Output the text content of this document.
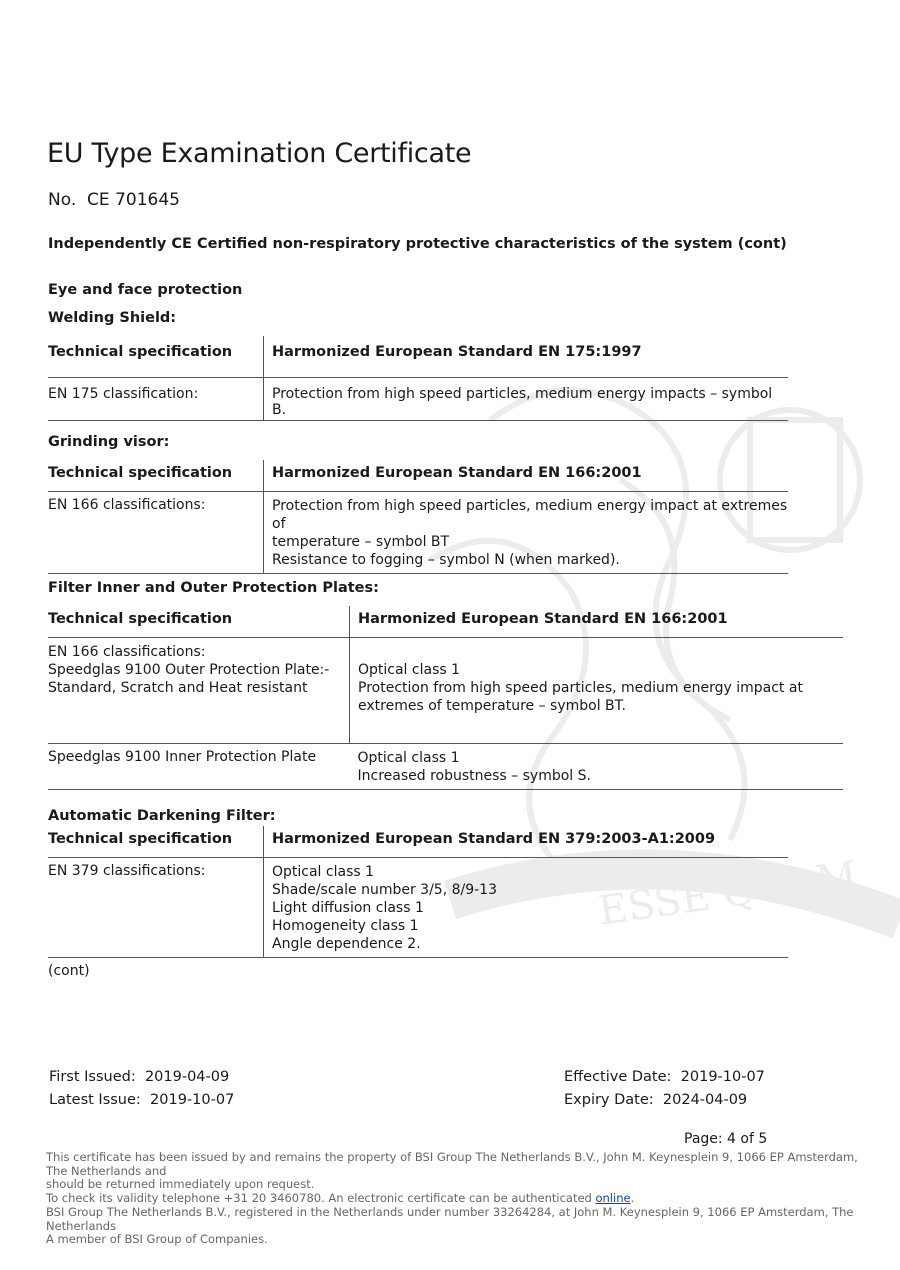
ESSE QUAM
EU Type Examination Certificate
No. CE 701645
Independently CE Certified non-respiratory protective characteristics of the system (cont)
Eye and face protection
Welding Shield:
Technical specification	Harmonized European Standard EN 175:1997
EN 175 classification:	Protection from high speed particles, medium energy impacts – symbol B.
Grinding visor:
Technical specification	Harmonized European Standard EN 166:2001
EN 166 classifications:	Protection from high speed particles, medium energy impact at extremes of
temperature – symbol BT
Resistance to fogging – symbol N (when marked).
Filter Inner and Outer Protection Plates:
Technical specification	Harmonized European Standard EN 166:2001

EN 166 classifications:
Speedglas 9100 Outer Protection Plate:-
Standard, Scratch and Heat resistant	Optical class 1
Protection from high speed particles, medium energy impact at
extremes of temperature – symbol BT.

Speedglas 9100 Inner Protection Plate	Optical class 1
Increased robustness – symbol S.
Automatic Darkening Filter:
Technical specification	Harmonized European Standard EN 379:2003-A1:2009
EN 379 classifications:	Optical class 1
Shade/scale number 3/5, 8/9-13
Light diffusion class 1
Homogeneity class 1
Angle dependence 2.
(cont)
First Issued: 2019-04-09
Latest Issue: 2019-10-07
Effective Date: 2019-10-07
Expiry Date: 2024-04-09
Page: 4 of 5
This certificate has been issued by and remains the property of BSI Group The Netherlands B.V., John M. Keynesplein 9, 1066 EP Amsterdam, The Netherlands and
should be returned immediately upon request.
To check its validity telephone +31 20 3460780. An electronic certificate can be authenticated online.
BSI Group The Netherlands B.V., registered in the Netherlands under number 33264284, at John M. Keynesplein 9, 1066 EP Amsterdam, The Netherlands
A member of BSI Group of Companies.
